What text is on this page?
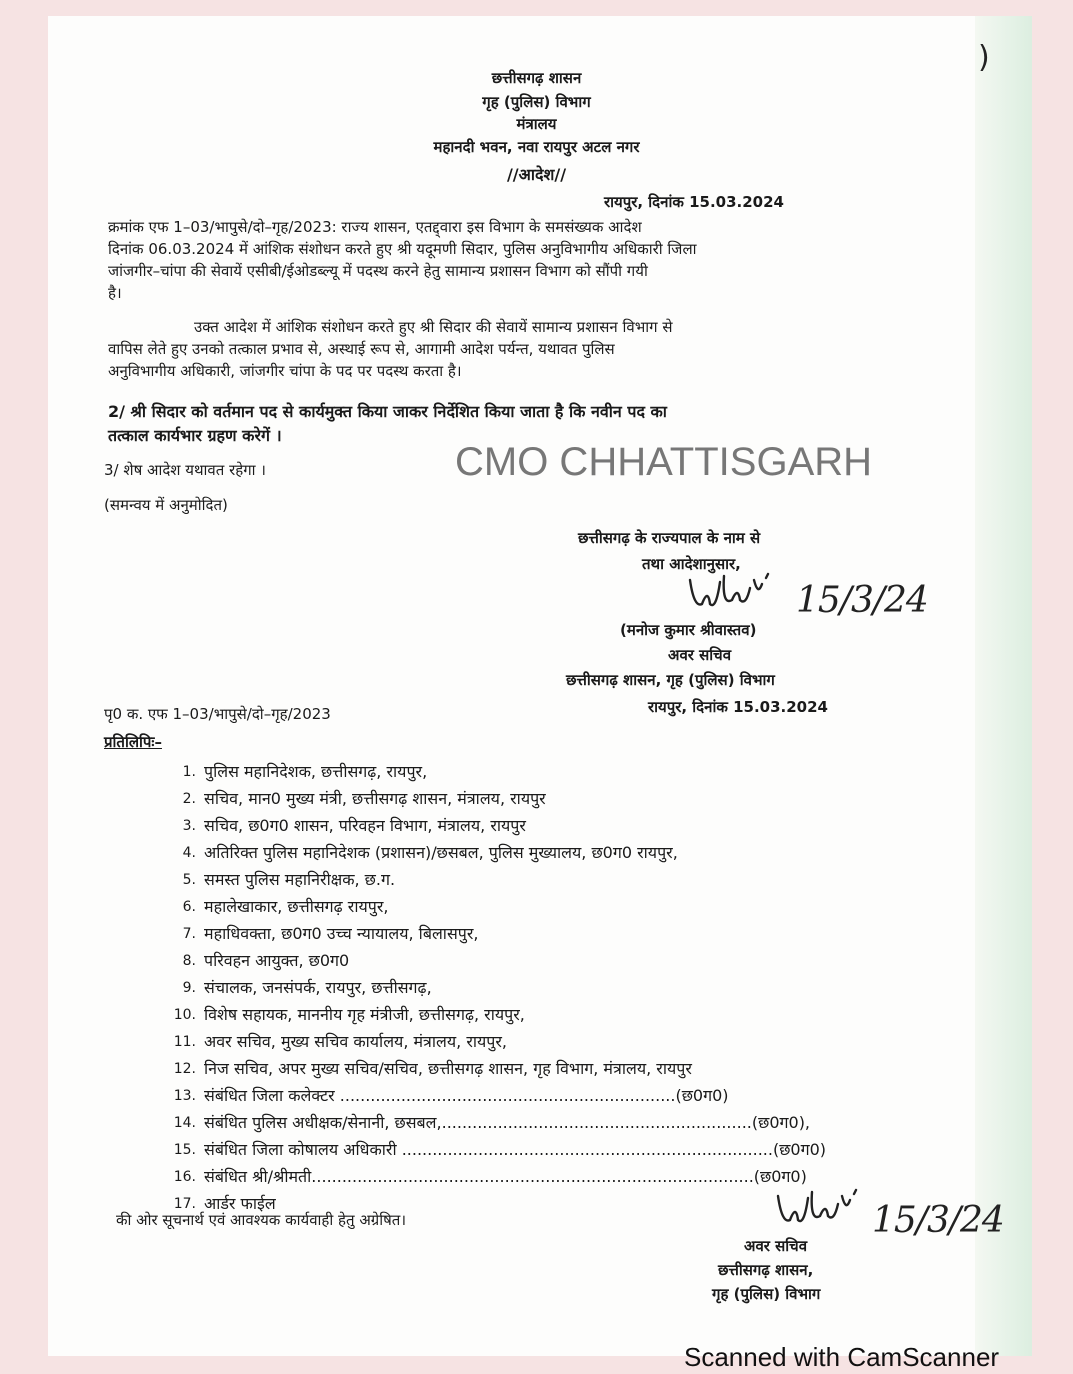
)
छत्तीसगढ़ शासन
गृह (पुलिस) विभाग
मंत्रालय
महानदी भवन, नवा रायपुर अटल नगर
//आदेश//
रायपुर, दिनांक 15.03.2024
क्रमांक एफ 1–03/भापुसे/दो–गृह/2023: राज्य शासन, एतद्द्वारा इस विभाग के समसंख्यक आदेश
दिनांक 06.03.2024 में आंशिक संशोधन करते हुए श्री यदूमणी सिदार, पुलिस अनुविभागीय अधिकारी जिला
जांजगीर–चांपा की सेवायें एसीबी/ईओडब्ल्यू में पदस्थ करने हेतु सामान्य प्रशासन विभाग को सौंपी गयी
है।
उक्त आदेश में आंशिक संशोधन करते हुए श्री सिदार की सेवायें सामान्य प्रशासन विभाग से
वापिस लेते हुए उनको तत्काल प्रभाव से, अस्थाई रूप से, आगामी आदेश पर्यन्त, यथावत पुलिस
अनुविभागीय अधिकारी, जांजगीर चांपा के पद पर पदस्थ करता है।
2/ श्री सिदार को वर्तमान पद से कार्यमुक्त किया जाकर निर्देशित किया जाता है कि नवीन पद का
तत्काल कार्यभार ग्रहण करेगें ।
3/ शेष आदेश यथावत रहेगा ।	CMO CHHATTISGARH
(समन्वय में अनुमोदित)
छत्तीसगढ़ के राज्यपाल के नाम से
तथा आदेशानुसार,
15/3/24
(मनोज कुमार श्रीवास्तव)
अवर सचिव
छत्तीसगढ़ शासन, गृह (पुलिस) विभाग
रायपुर, दिनांक 15.03.2024
पृ0 क. एफ 1–03/भापुसे/दो–गृह/2023
प्रतिलिपिः–
1. पुलिस महानिदेशक, छत्तीसगढ़, रायपुर,
2. सचिव, मान0 मुख्य मंत्री, छत्तीसगढ़ शासन, मंत्रालय, रायपुर
3. सचिव, छ0ग0 शासन, परिवहन विभाग, मंत्रालय, रायपुर
4. अतिरिक्त पुलिस महानिदेशक (प्रशासन)/छसबल, पुलिस मुख्यालय, छ0ग0 रायपुर,
5. समस्त पुलिस महानिरीक्षक, छ.ग.
6. महालेखाकार, छत्तीसगढ़ रायपुर,
7. महाधिवक्ता, छ0ग0 उच्च न्यायालय, बिलासपुर,
8. परिवहन आयुक्त, छ0ग0
9. संचालक, जनसंपर्क, रायपुर, छत्तीसगढ़,
10. विशेष सहायक, माननीय गृह मंत्रीजी, छत्तीसगढ़, रायपुर,
11. अवर सचिव, मुख्य सचिव कार्यालय, मंत्रालय, रायपुर,
12. निज सचिव, अपर मुख्य सचिव/सचिव, छत्तीसगढ़ शासन, गृह विभाग, मंत्रालय, रायपुर
13. संबंधित जिला कलेक्टर ..................................................................(छ0ग0)
14. संबंधित पुलिस अधीक्षक/सेनानी, छसबल,.............................................................(छ0ग0),
15. संबंधित जिला कोषालय अधिकारी .........................................................................(छ0ग0)
16. संबंधित श्री/श्रीमती.......................................................................................(छ0ग0)
17. आर्डर फाईल
की ओर सूचनार्थ एवं आवश्यक कार्यवाही हेतु अग्रेषित।	15/3/24
अवर सचिव
छत्तीसगढ़ शासन,
गृह (पुलिस) विभाग
Scanned with CamScanner
